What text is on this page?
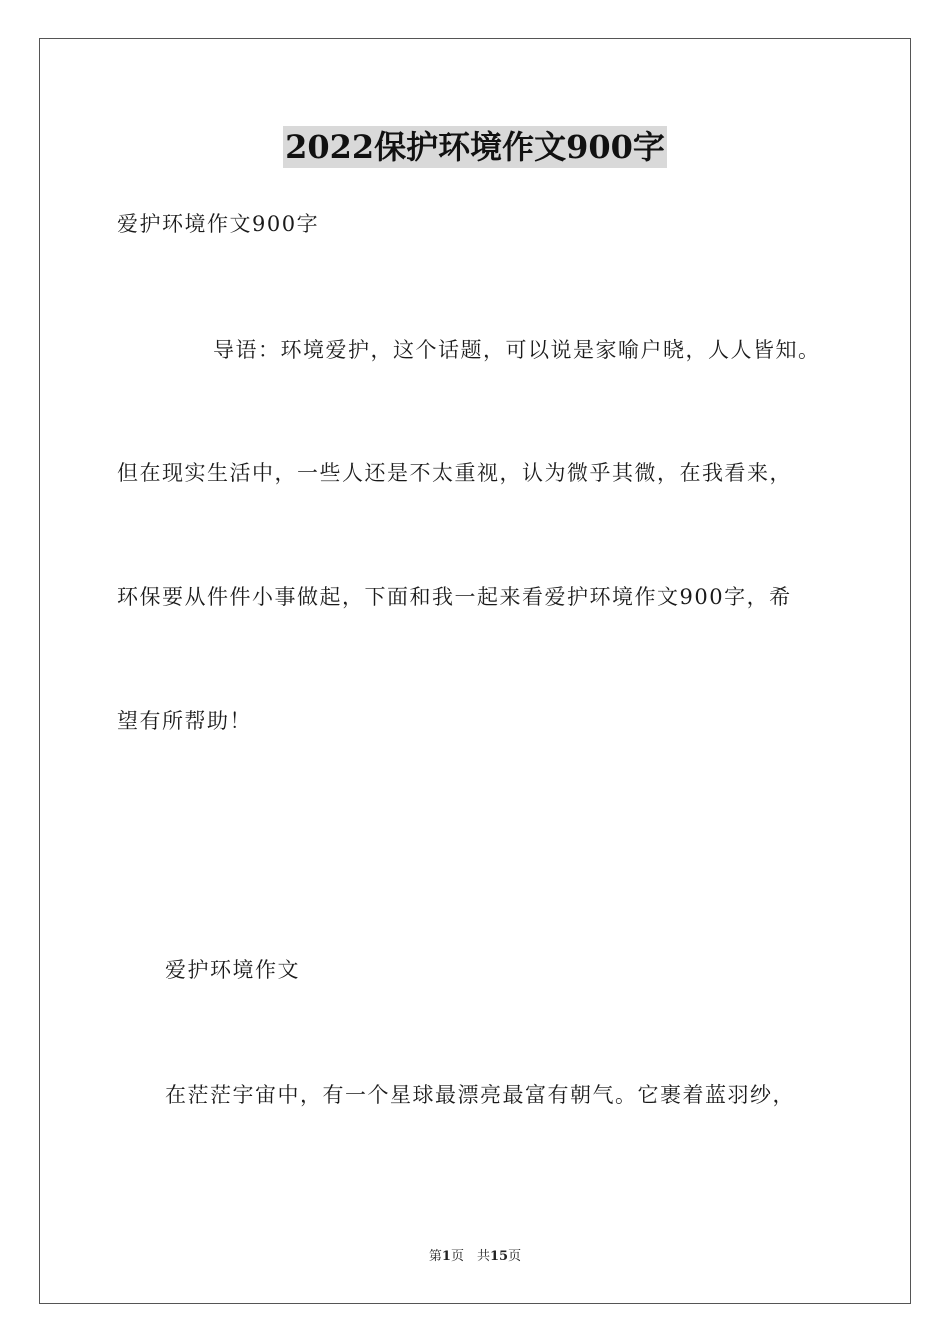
2022保护环境作文900字
爱护环境作文900字
导语：环境爱护，这个话题，可以说是家喻户晓，人人皆知。
但在现实生活中，一些人还是不太重视，认为微乎其微，在我看来，
环保要从件件小事做起，下面和我一起来看爱护环境作文900字，希
望有所帮助！
爱护环境作文
在茫茫宇宙中，有一个星球最漂亮最富有朝气。它裹着蓝羽纱，
第1页　共15页
